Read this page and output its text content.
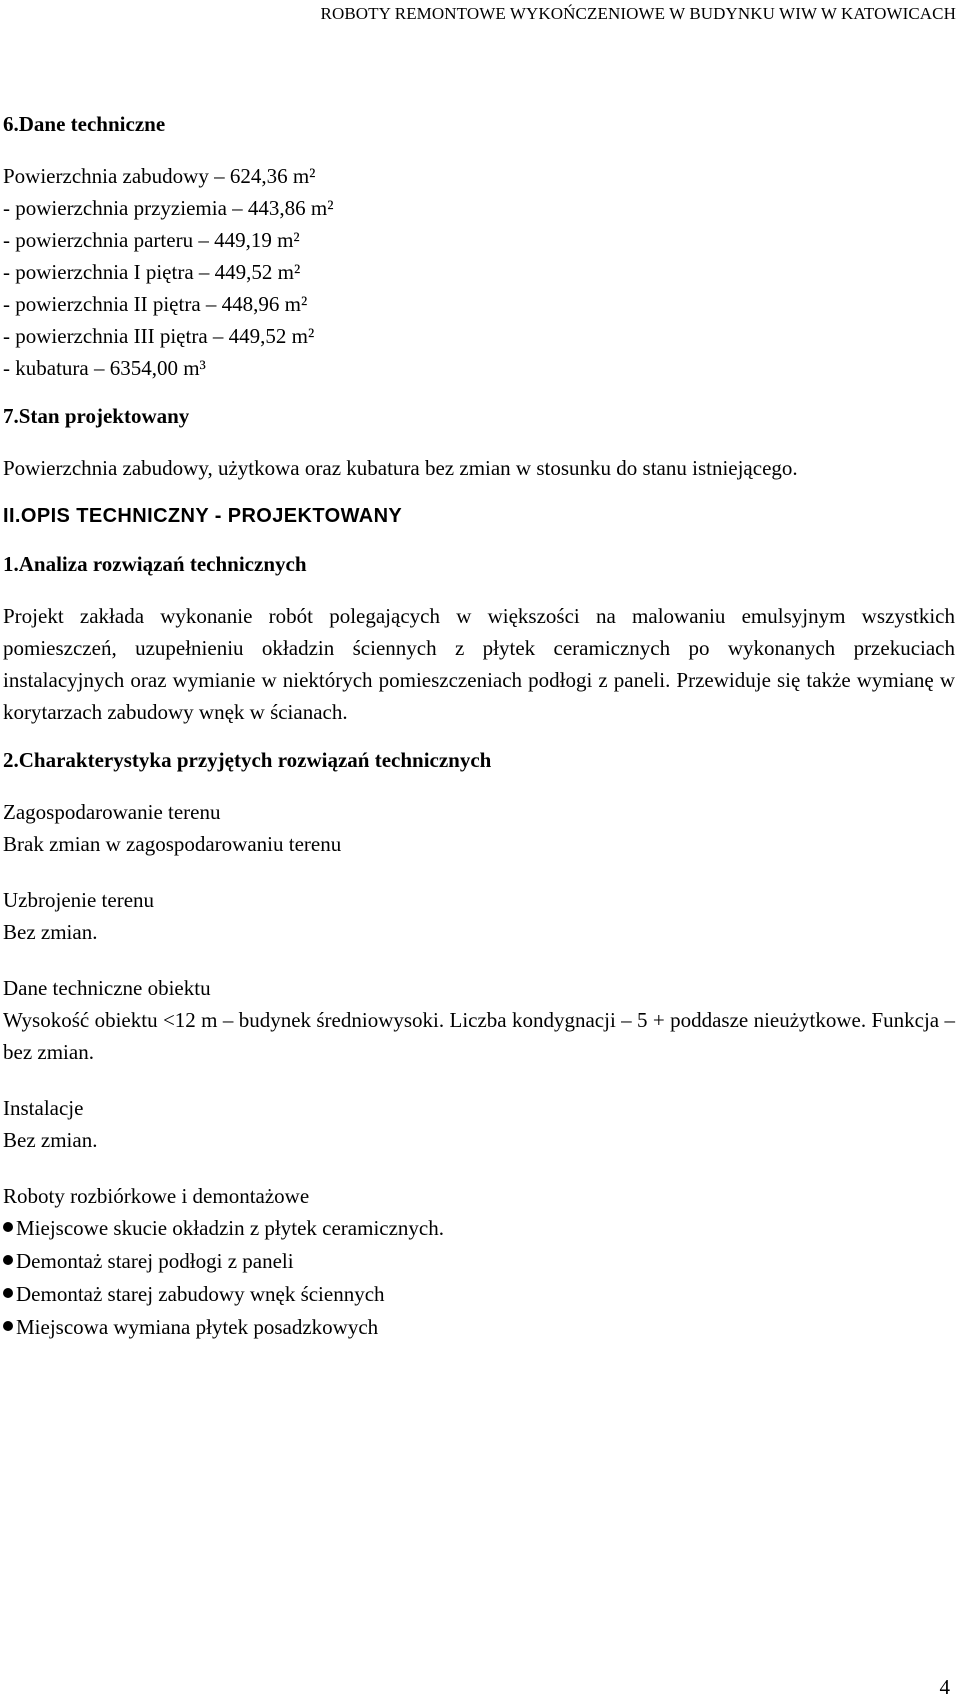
ROBOTY REMONTOWE WYKOŃCZENIOWE W BUDYNKU WIW W KATOWICACH
6.Dane techniczne
Powierzchnia zabudowy – 624,36 m²
- powierzchnia przyziemia – 443,86 m²
- powierzchnia parteru – 449,19 m²
- powierzchnia I piętra – 449,52 m²
- powierzchnia II piętra – 448,96 m²
- powierzchnia III piętra – 449,52 m²
- kubatura – 6354,00 m³
7.Stan projektowany
Powierzchnia zabudowy, użytkowa oraz kubatura bez zmian w stosunku do stanu istniejącego.
II.OPIS TECHNICZNY - PROJEKTOWANY
1.Analiza rozwiązań technicznych
Projekt zakłada wykonanie robót polegających w większości na malowaniu emulsyjnym wszystkich pomieszczeń, uzupełnieniu okładzin ściennych z płytek ceramicznych po wykonanych przekuciach instalacyjnych oraz wymianie w niektórych pomieszczeniach podłogi z paneli. Przewiduje się także wymianę w korytarzach zabudowy wnęk w ścianach.
2.Charakterystyka przyjętych rozwiązań technicznych
Zagospodarowanie terenu
Brak zmian w zagospodarowaniu terenu
Uzbrojenie terenu
Bez zmian.
Dane techniczne obiektu
Wysokość obiektu <12 m – budynek średniowysoki. Liczba kondygnacji – 5 + poddasze nieużytkowe. Funkcja – bez zmian.
Instalacje
Bez zmian.
Roboty rozbiórkowe i demontażowe
Miejscowe skucie okładzin z płytek ceramicznych.
Demontaż starej podłogi z paneli
Demontaż starej zabudowy wnęk ściennych
Miejscowa wymiana płytek posadzkowych
4
